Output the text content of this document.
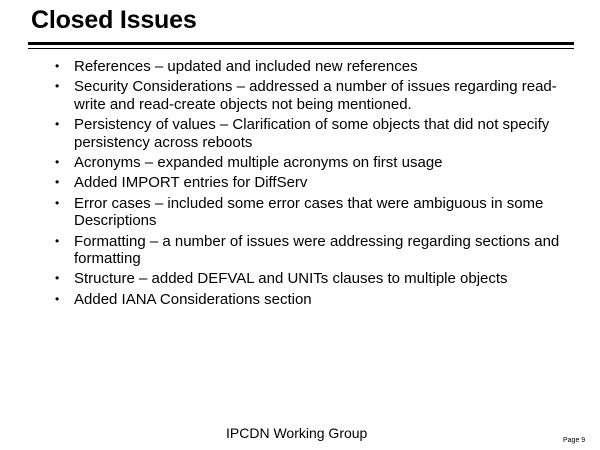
Closed Issues
• References – updated and included new references
• Security Considerations – addressed a number of issues regarding read-write and read-create objects not being mentioned.
• Persistency of values – Clarification of some objects that did not specify persistency across reboots
• Acronyms – expanded multiple acronyms on first usage
• Added IMPORT entries for DiffServ
• Error cases – included some error cases that were ambiguous in some Descriptions
• Formatting – a number of issues were addressing regarding sections and formatting
• Structure – added DEFVAL and UNITs clauses to multiple objects
• Added IANA Considerations section
IPCDN Working Group	Page 9
